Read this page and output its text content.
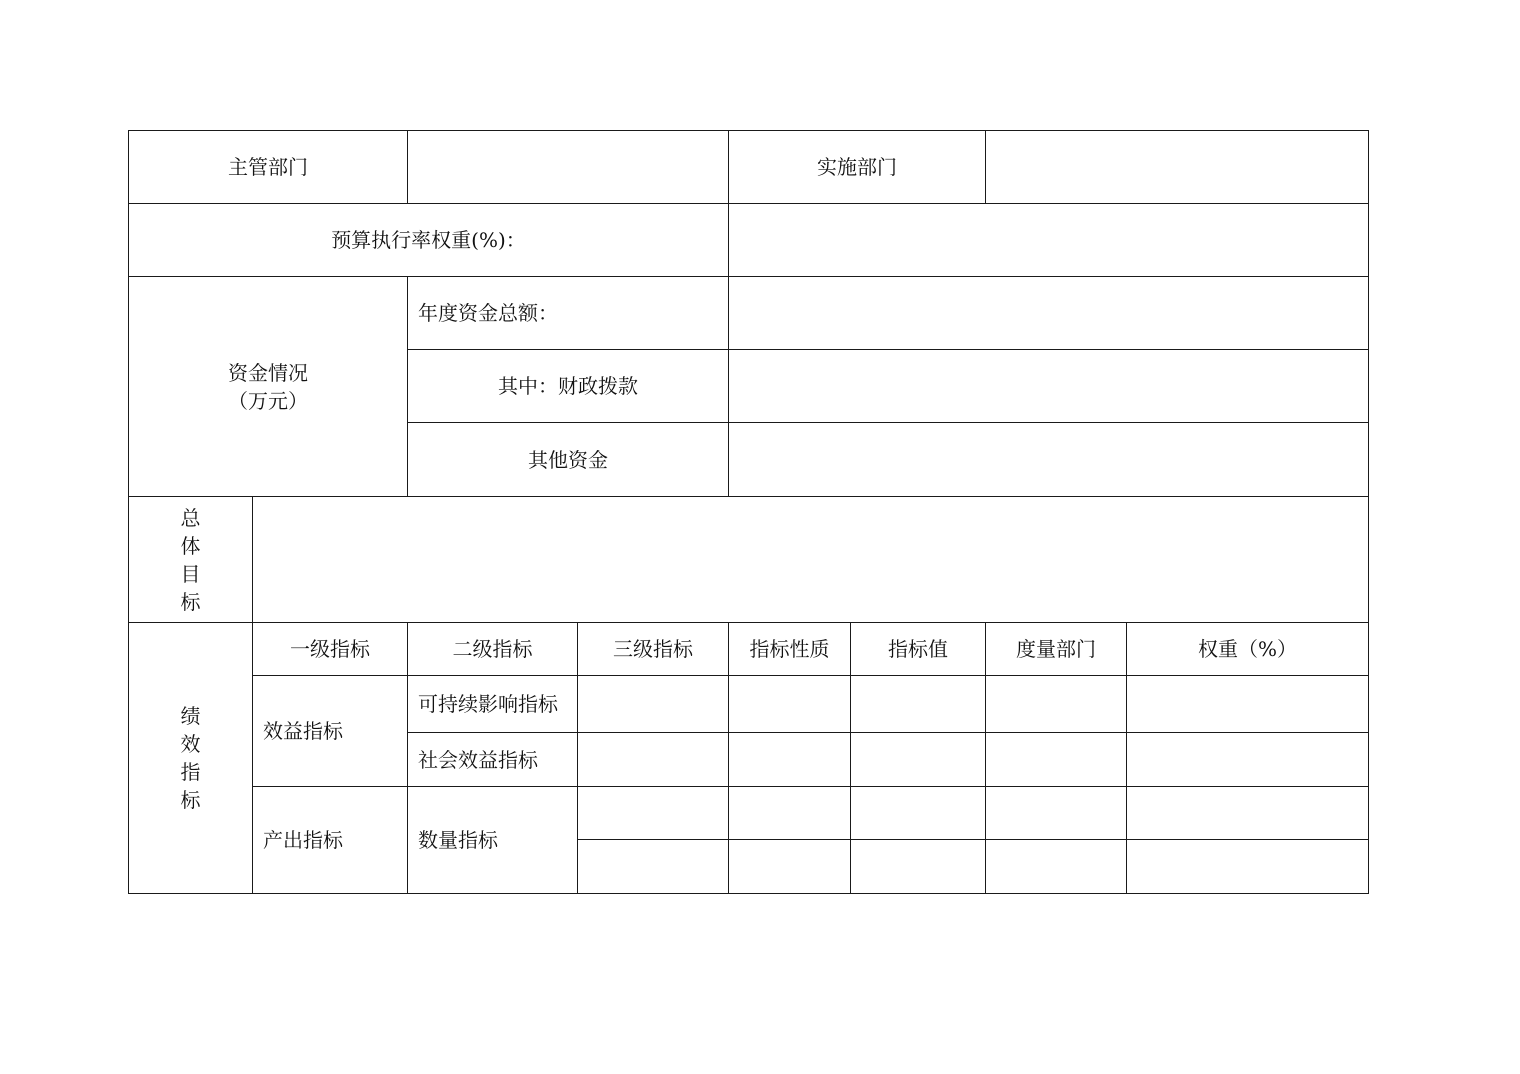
主管部门				实施部门			
预算执行率权重(%)：							

资金情况
（万元）		年度资金总额：					
		其中：财政拨款					
		其他资金					
总体目标							
绩效指标	一级指标	二级指标	三级指标	指标性质	指标值	度量部门	权重（%）
	效益指标	可持续影响指标					
		社会效益指标					
	产出指标	数量指标					
